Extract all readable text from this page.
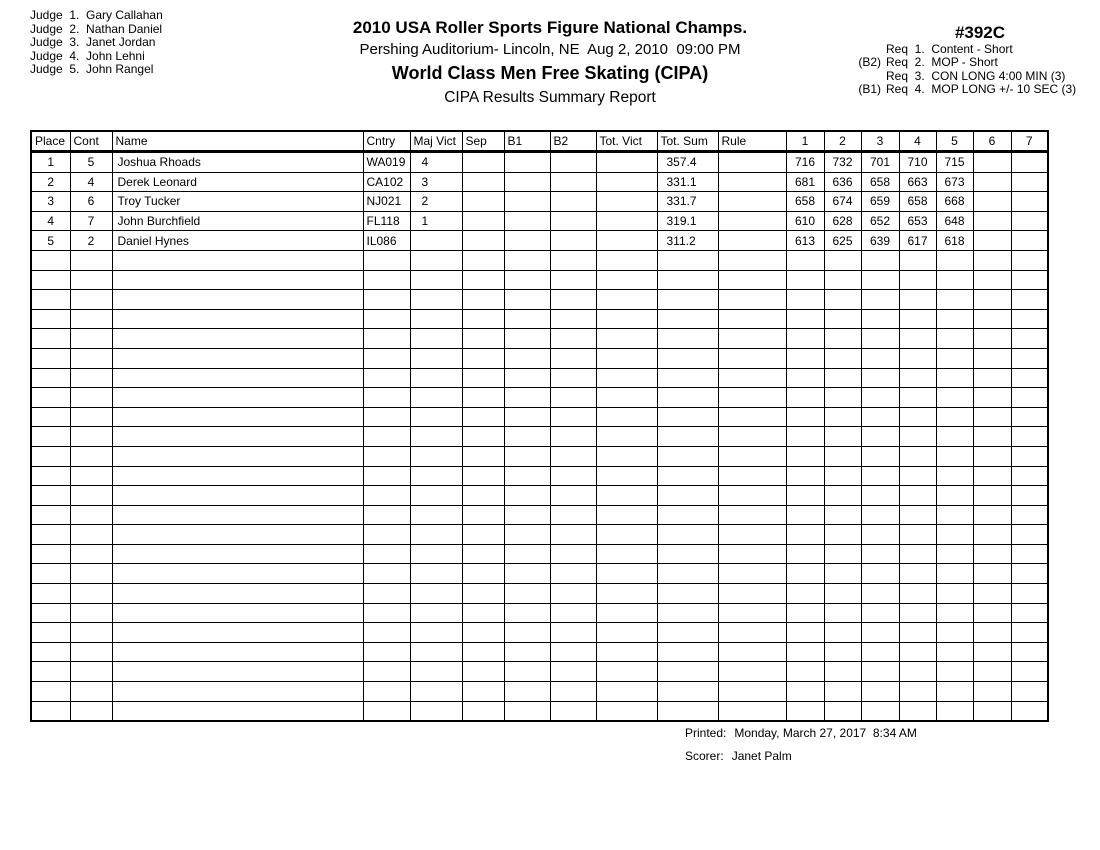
Judge  1.  Gary Callahan
Judge  2.  Nathan Daniel
Judge  3.  Janet Jordan
Judge  4.  John Lehni
Judge  5.  John Rangel
2010 USA Roller Sports Figure National Champs.
Pershing Auditorium- Lincoln, NE  Aug 2, 2010  09:00 PM
World Class Men Free Skating (CIPA)
CIPA Results Summary Report
#392C
Req  1.  Content - Short
(B2) Req  2.  MOP - Short
Req  3.  CON LONG 4:00 MIN (3)
(B1) Req  4.  MOP LONG +/- 10 SEC (3)
Place	Cont	Name	Cntry	Maj Vict	Sep	B1	B2	Tot. Vict	Tot. Sum	Rule	1	2	3	4	5	6	7
1	5	Joshua Rhoads	WA019	4					357.4		716	732	701	710	715		
2	4	Derek Leonard	CA102	3					331.1		681	636	658	663	673		
3	6	Troy Tucker	NJ021	2					331.7		658	674	659	658	668		
4	7	John Burchfield	FL118	1					319.1		610	628	652	653	648		
5	2	Daniel Hynes	IL086						311.2		613	625	639	617	618		

Printed: Monday, March 27, 2017  8:34 AM
Scorer: Janet Palm
